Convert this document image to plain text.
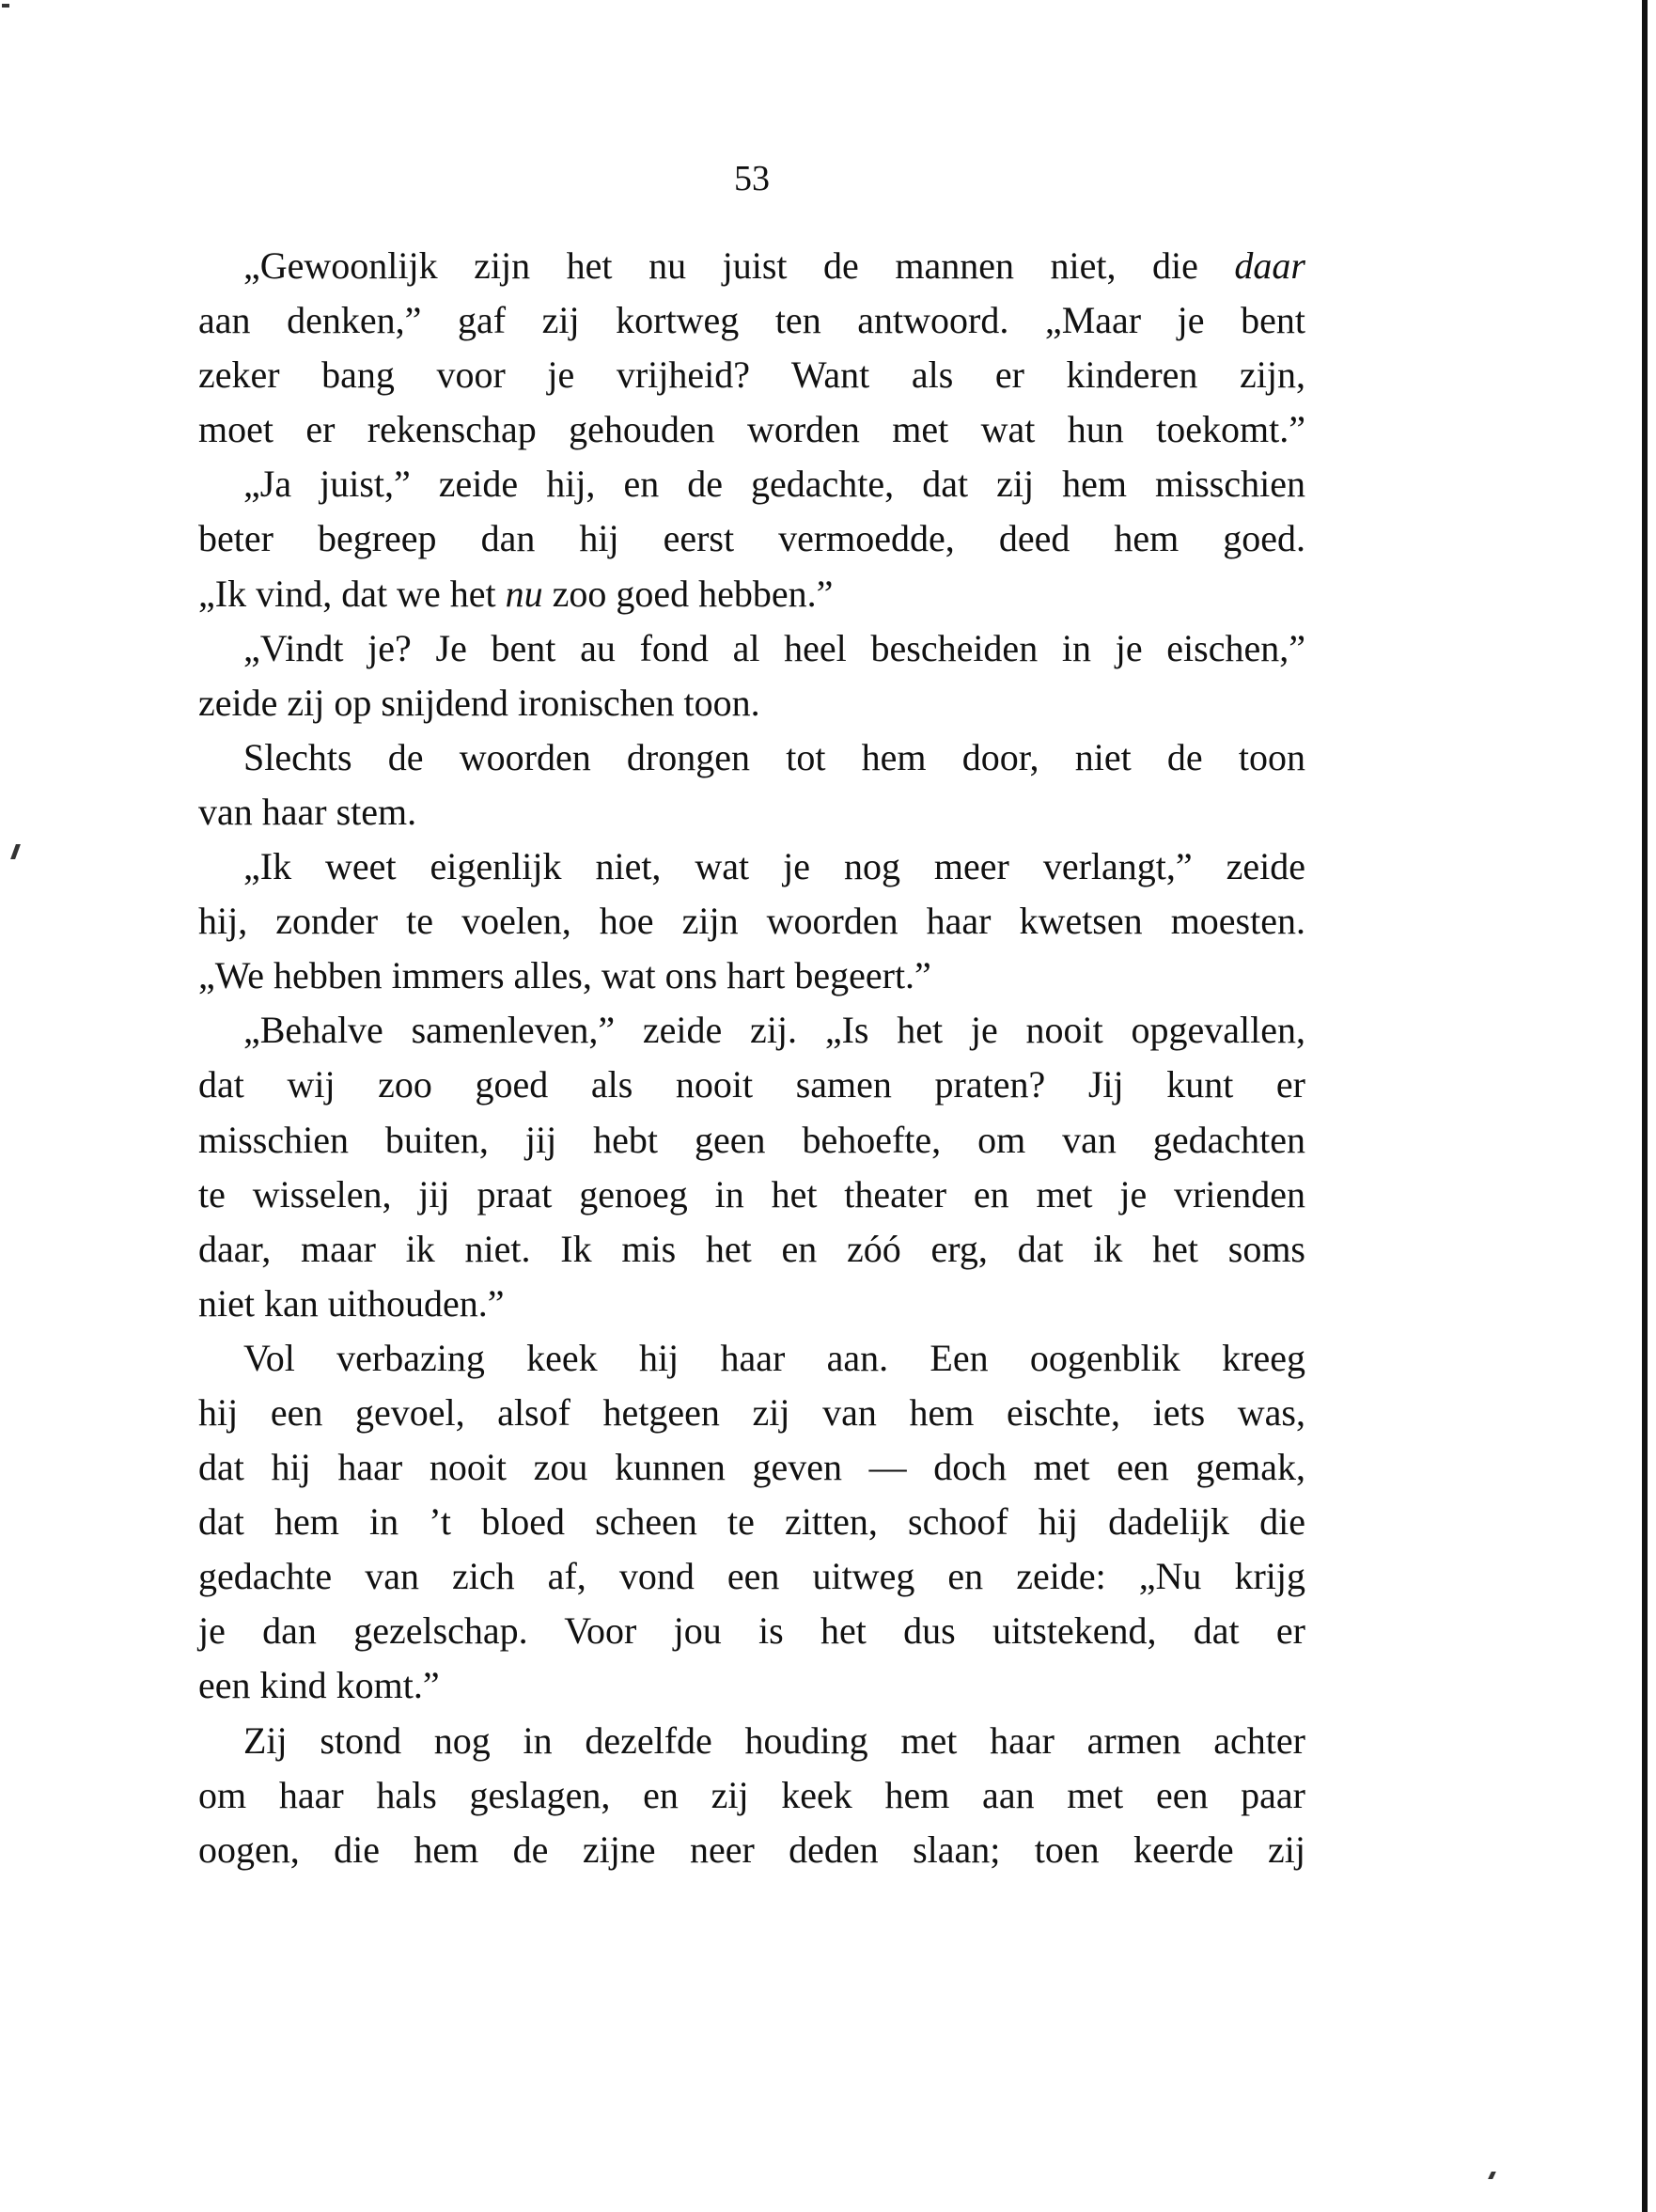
53
„Gewoonlijk zijn het nu juist de mannen niet, die daar
aan denken,” gaf zij kortweg ten antwoord. „Maar je bent
zeker bang voor je vrijheid? Want als er kinderen zijn,
moet er rekenschap gehouden worden met wat hun toekomt.”
„Ja juist,” zeide hij, en de gedachte, dat zij hem misschien
beter begreep dan hij eerst vermoedde, deed hem goed.
„Ik vind, dat we het nu zoo goed hebben.”
„Vindt je? Je bent au fond al heel bescheiden in je eischen,”
zeide zij op snijdend ironischen toon.
Slechts de woorden drongen tot hem door, niet de toon
van haar stem.
„Ik weet eigenlijk niet, wat je nog meer verlangt,” zeide
hij, zonder te voelen, hoe zijn woorden haar kwetsen moesten.
„We hebben immers alles, wat ons hart begeert.”
„Behalve samenleven,” zeide zij. „Is het je nooit opgevallen,
dat wij zoo goed als nooit samen praten? Jij kunt er
misschien buiten, jij hebt geen behoefte, om van gedachten
te wisselen, jij praat genoeg in het theater en met je vrienden
daar, maar ik niet. Ik mis het en zóó erg, dat ik het soms
niet kan uithouden.”
Vol verbazing keek hij haar aan. Een oogenblik kreeg
hij een gevoel, alsof hetgeen zij van hem eischte, iets was,
dat hij haar nooit zou kunnen geven — doch met een gemak,
dat hem in ’t bloed scheen te zitten, schoof hij dadelijk die
gedachte van zich af, vond een uitweg en zeide: „Nu krijg
je dan gezelschap. Voor jou is het dus uitstekend, dat er
een kind komt.”
Zij stond nog in dezelfde houding met haar armen achter
om haar hals geslagen, en zij keek hem aan met een paar
oogen, die hem de zijne neer deden slaan; toen keerde zij
